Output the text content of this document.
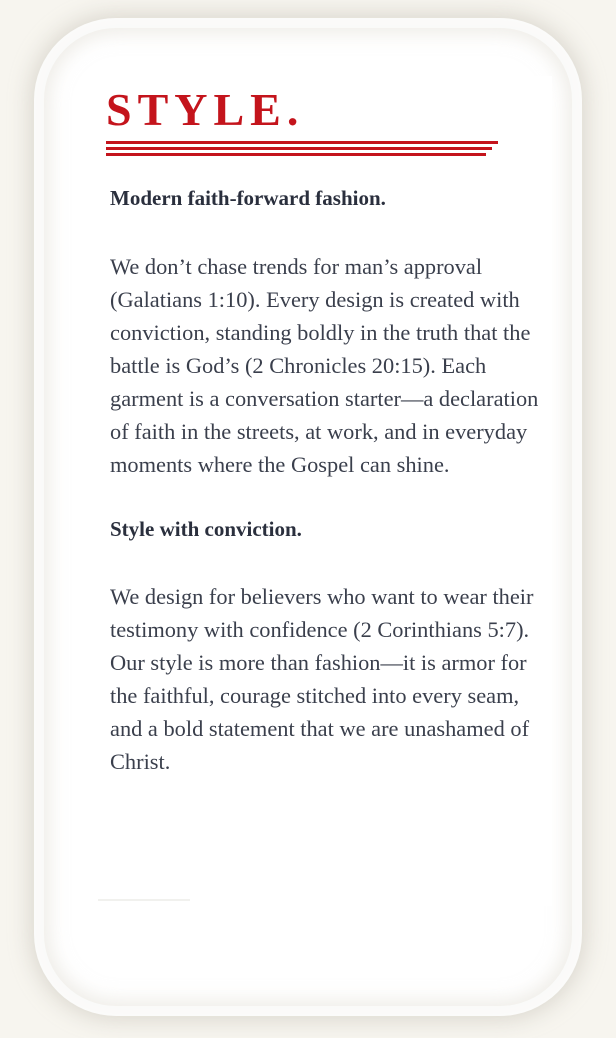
STYLE.
Modern faith-forward fashion.

We don’t chase trends for man’s approval (Galatians 1:10). Every design is created with conviction, standing boldly in the truth that the battle is God’s (2 Chronicles 20:15). Each garment is a conversation starter—a declaration of faith in the streets, at work, and in everyday moments where the Gospel can shine.

Style with conviction.

We design for believers who want to wear their testimony with confidence (2 Corinthians 5:7). Our style is more than fashion—it is armor for the faithful, courage stitched into every seam, and a bold statement that we are unashamed of Christ.
